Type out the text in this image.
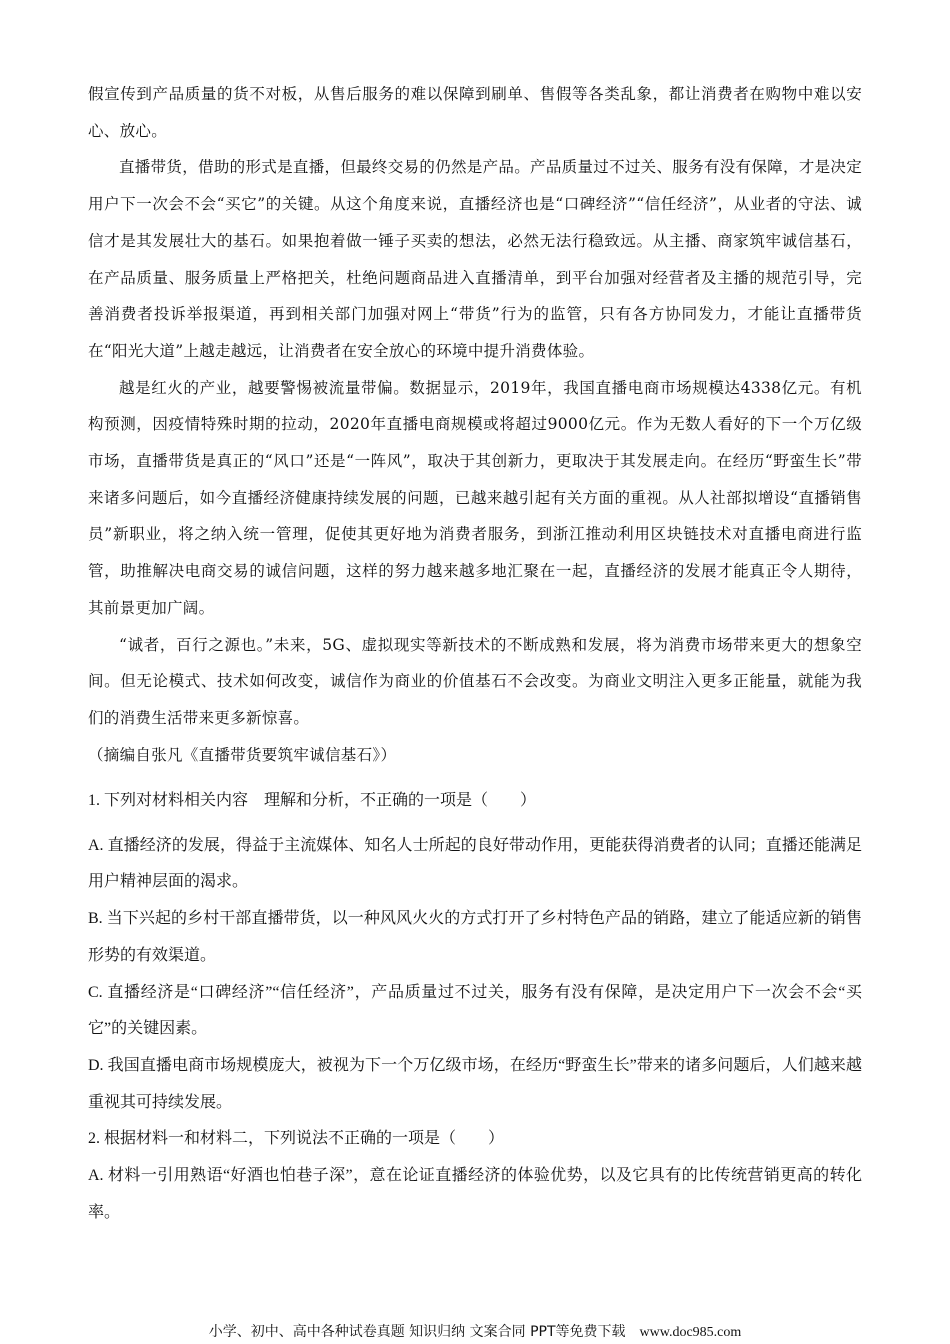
假宣传到产品质量的货不对板，从售后服务的难以保障到刷单、售假等各类乱象，都让消费者在购物中难以安心、放心。

直播带货，借助的形式是直播，但最终交易的仍然是产品。产品质量过不过关、服务有没有保障，才是决定用户下一次会不会“买它”的关键。从这个角度来说，直播经济也是“口碑经济”“信任经济”，从业者的守法、诚信才是其发展壮大的基石。如果抱着做一锤子买卖的想法，必然无法行稳致远。从主播、商家筑牢诚信基石，在产品质量、服务质量上严格把关，杜绝问题商品进入直播清单，到平台加强对经营者及主播的规范引导，完善消费者投诉举报渠道，再到相关部门加强对网上“带货”行为的监管，只有各方协同发力，才能让直播带货在“阳光大道”上越走越远，让消费者在安全放心的环境中提升消费体验。

越是红火的产业，越要警惕被流量带偏。数据显示，2019年，我国直播电商市场规模达4338亿元。有机构预测，因疫情特殊时期的拉动，2020年直播电商规模或将超过9000亿元。作为无数人看好的下一个万亿级市场，直播带货是真正的“风口”还是“一阵风”，取决于其创新力，更取决于其发展走向。在经历“野蛮生长”带来诸多问题后，如今直播经济健康持续发展的问题，已越来越引起有关方面的重视。从人社部拟增设“直播销售员”新职业，将之纳入统一管理，促使其更好地为消费者服务，到浙江推动利用区块链技术对直播电商进行监管，助推解决电商交易的诚信问题，这样的努力越来越多地汇聚在一起，直播经济的发展才能真正令人期待，其前景更加广阔。

“诚者，百行之源也。”未来，5G、虚拟现实等新技术的不断成熟和发展，将为消费市场带来更大的想象空间。但无论模式、技术如何改变，诚信作为商业的价值基石不会改变。为商业文明注入更多正能量，就能为我们的消费生活带来更多新惊喜。

（摘编自张凡《直播带货要筑牢诚信基石》）

1. 下列对材料相关内容　理解和分析，不正确的一项是（　　）

A. 直播经济的发展，得益于主流媒体、知名人士所起的良好带动作用，更能获得消费者的认同；直播还能满足用户精神层面的渴求。

B. 当下兴起的乡村干部直播带货，以一种风风火火的方式打开了乡村特色产品的销路，建立了能适应新的销售形势的有效渠道。

C. 直播经济是“口碑经济”“信任经济”，产品质量过不过关，服务有没有保障，是决定用户下一次会不会“买它”的关键因素。

D. 我国直播电商市场规模庞大，被视为下一个万亿级市场，在经历“野蛮生长”带来的诸多问题后，人们越来越重视其可持续发展。

2. 根据材料一和材料二，下列说法不正确的一项是（　　）

A. 材料一引用熟语“好酒也怕巷子深”，意在论证直播经济的体验优势，以及它具有的比传统营销更高的转化率。

小学、初中、高中各种试卷真题 知识归纳 文案合同 PPT等免费下载 www.doc985.com
